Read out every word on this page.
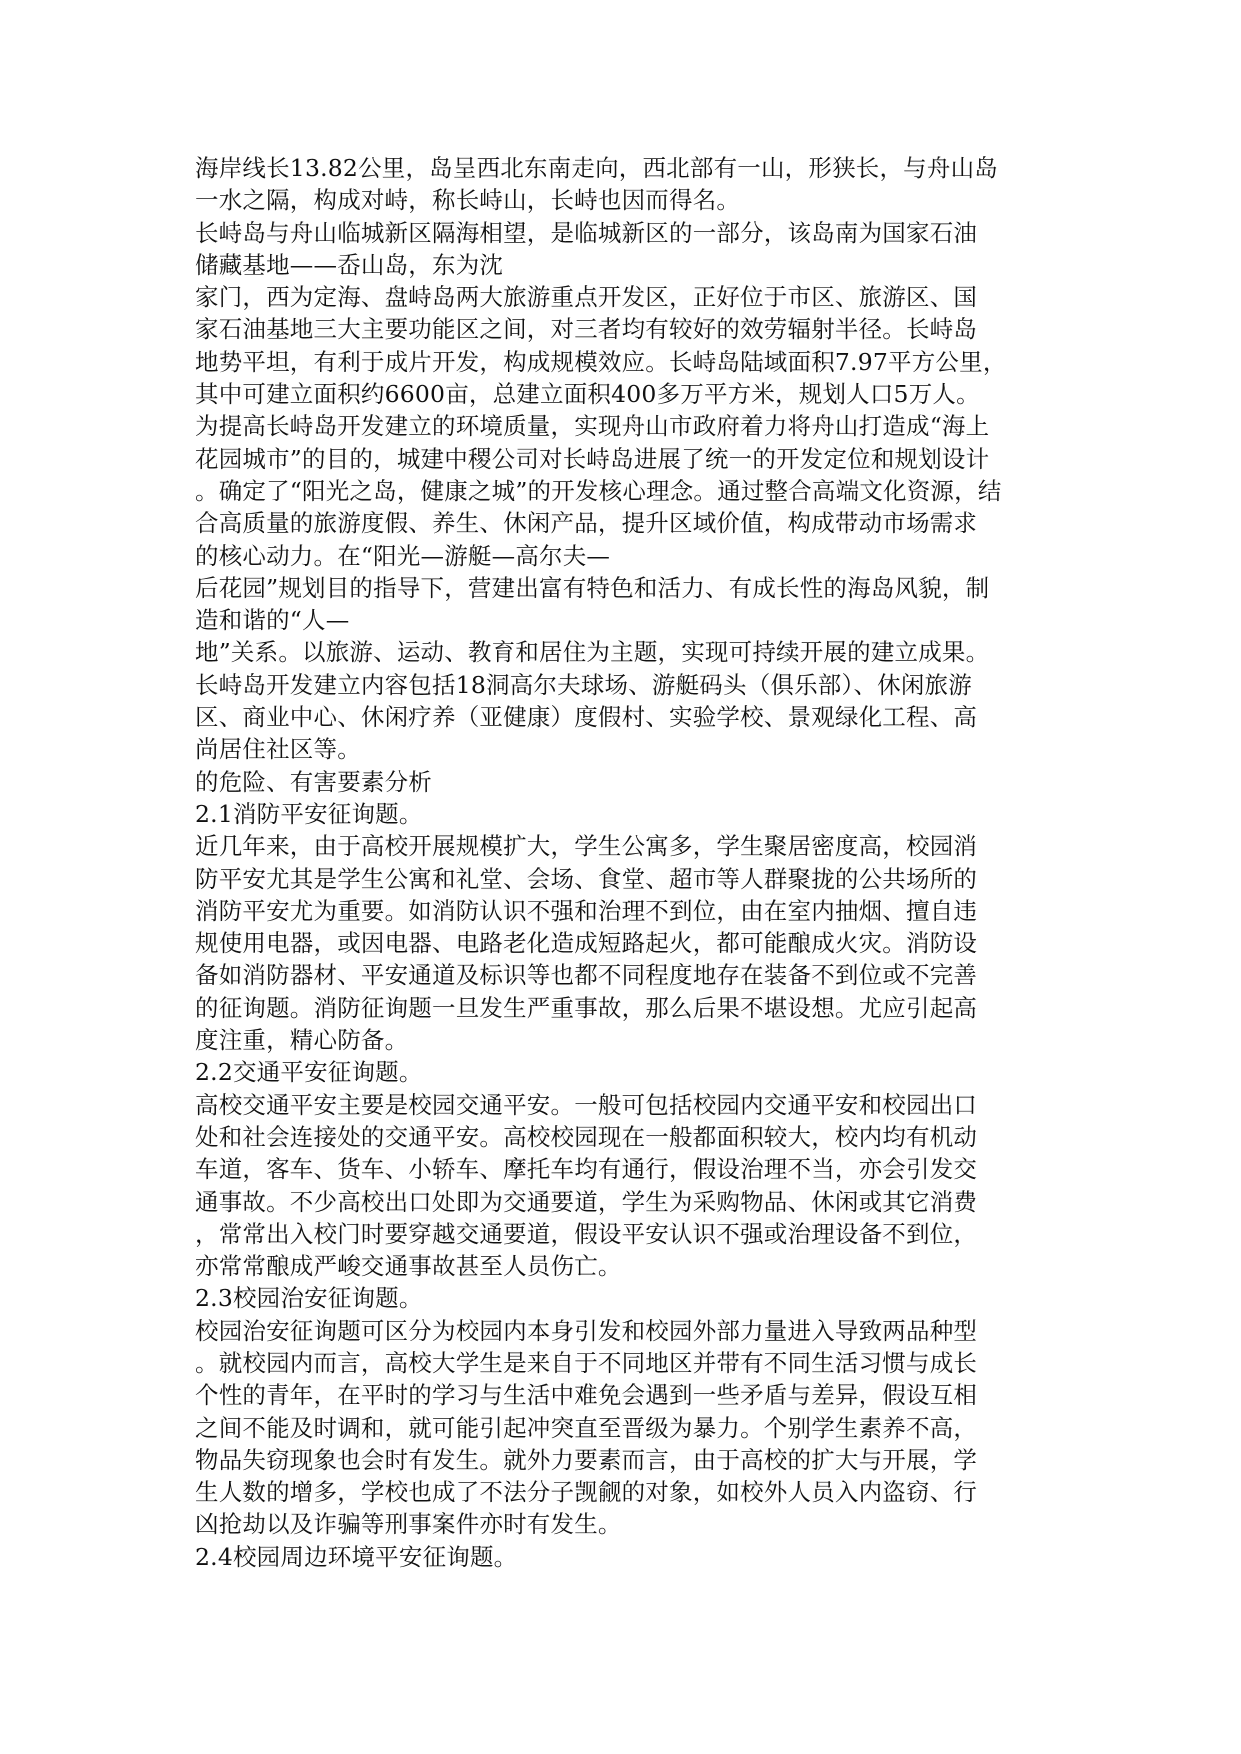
海岸线长13.82公里，岛呈西北东南走向，西北部有一山，形狭长，与舟山岛
一水之隔，构成对峙，称长峙山，长峙也因而得名。
长峙岛与舟山临城新区隔海相望，是临城新区的一部分，该岛南为国家石油
储藏基地——岙山岛，东为沈
家门，西为定海、盘峙岛两大旅游重点开发区，正好位于市区、旅游区、国
家石油基地三大主要功能区之间，对三者均有较好的效劳辐射半径。长峙岛
地势平坦，有利于成片开发，构成规模效应。长峙岛陆域面积7.97平方公里，
其中可建立面积约6600亩，总建立面积400多万平方米，规划人口5万人。
为提高长峙岛开发建立的环境质量，实现舟山市政府着力将舟山打造成“海上
花园城市”的目的，城建中稷公司对长峙岛进展了统一的开发定位和规划设计
。确定了“阳光之岛，健康之城”的开发核心理念。通过整合高端文化资源，结
合高质量的旅游度假、养生、休闲产品，提升区域价值，构成带动市场需求
的核心动力。在“阳光—游艇—高尔夫—
后花园”规划目的指导下，营建出富有特色和活力、有成长性的海岛风貌，制
造和谐的“人—
地”关系。以旅游、运动、教育和居住为主题，实现可持续开展的建立成果。
长峙岛开发建立内容包括18洞高尔夫球场、游艇码头（俱乐部）、休闲旅游
区、商业中心、休闲疗养（亚健康）度假村、实验学校、景观绿化工程、高
尚居住社区等。
的危险、有害要素分析
2.1消防平安征询题。
近几年来，由于高校开展规模扩大，学生公寓多，学生聚居密度高，校园消
防平安尤其是学生公寓和礼堂、会场、食堂、超市等人群聚拢的公共场所的
消防平安尤为重要。如消防认识不强和治理不到位，由在室内抽烟、擅自违
规使用电器，或因电器、电路老化造成短路起火，都可能酿成火灾。消防设
备如消防器材、平安通道及标识等也都不同程度地存在装备不到位或不完善
的征询题。消防征询题一旦发生严重事故，那么后果不堪设想。尤应引起高
度注重，精心防备。
2.2交通平安征询题。
高校交通平安主要是校园交通平安。一般可包括校园内交通平安和校园出口
处和社会连接处的交通平安。高校校园现在一般都面积较大，校内均有机动
车道，客车、货车、小轿车、摩托车均有通行，假设治理不当，亦会引发交
通事故。不少高校出口处即为交通要道，学生为采购物品、休闲或其它消费
，常常出入校门时要穿越交通要道，假设平安认识不强或治理设备不到位，
亦常常酿成严峻交通事故甚至人员伤亡。
2.3校园治安征询题。
校园治安征询题可区分为校园内本身引发和校园外部力量进入导致两品种型
。就校园内而言，高校大学生是来自于不同地区并带有不同生活习惯与成长
个性的青年，在平时的学习与生活中难免会遇到一些矛盾与差异，假设互相
之间不能及时调和，就可能引起冲突直至晋级为暴力。个别学生素养不高，
物品失窃现象也会时有发生。就外力要素而言，由于高校的扩大与开展，学
生人数的增多，学校也成了不法分子觊觎的对象，如校外人员入内盗窃、行
凶抢劫以及诈骗等刑事案件亦时有发生。
2.4校园周边环境平安征询题。
